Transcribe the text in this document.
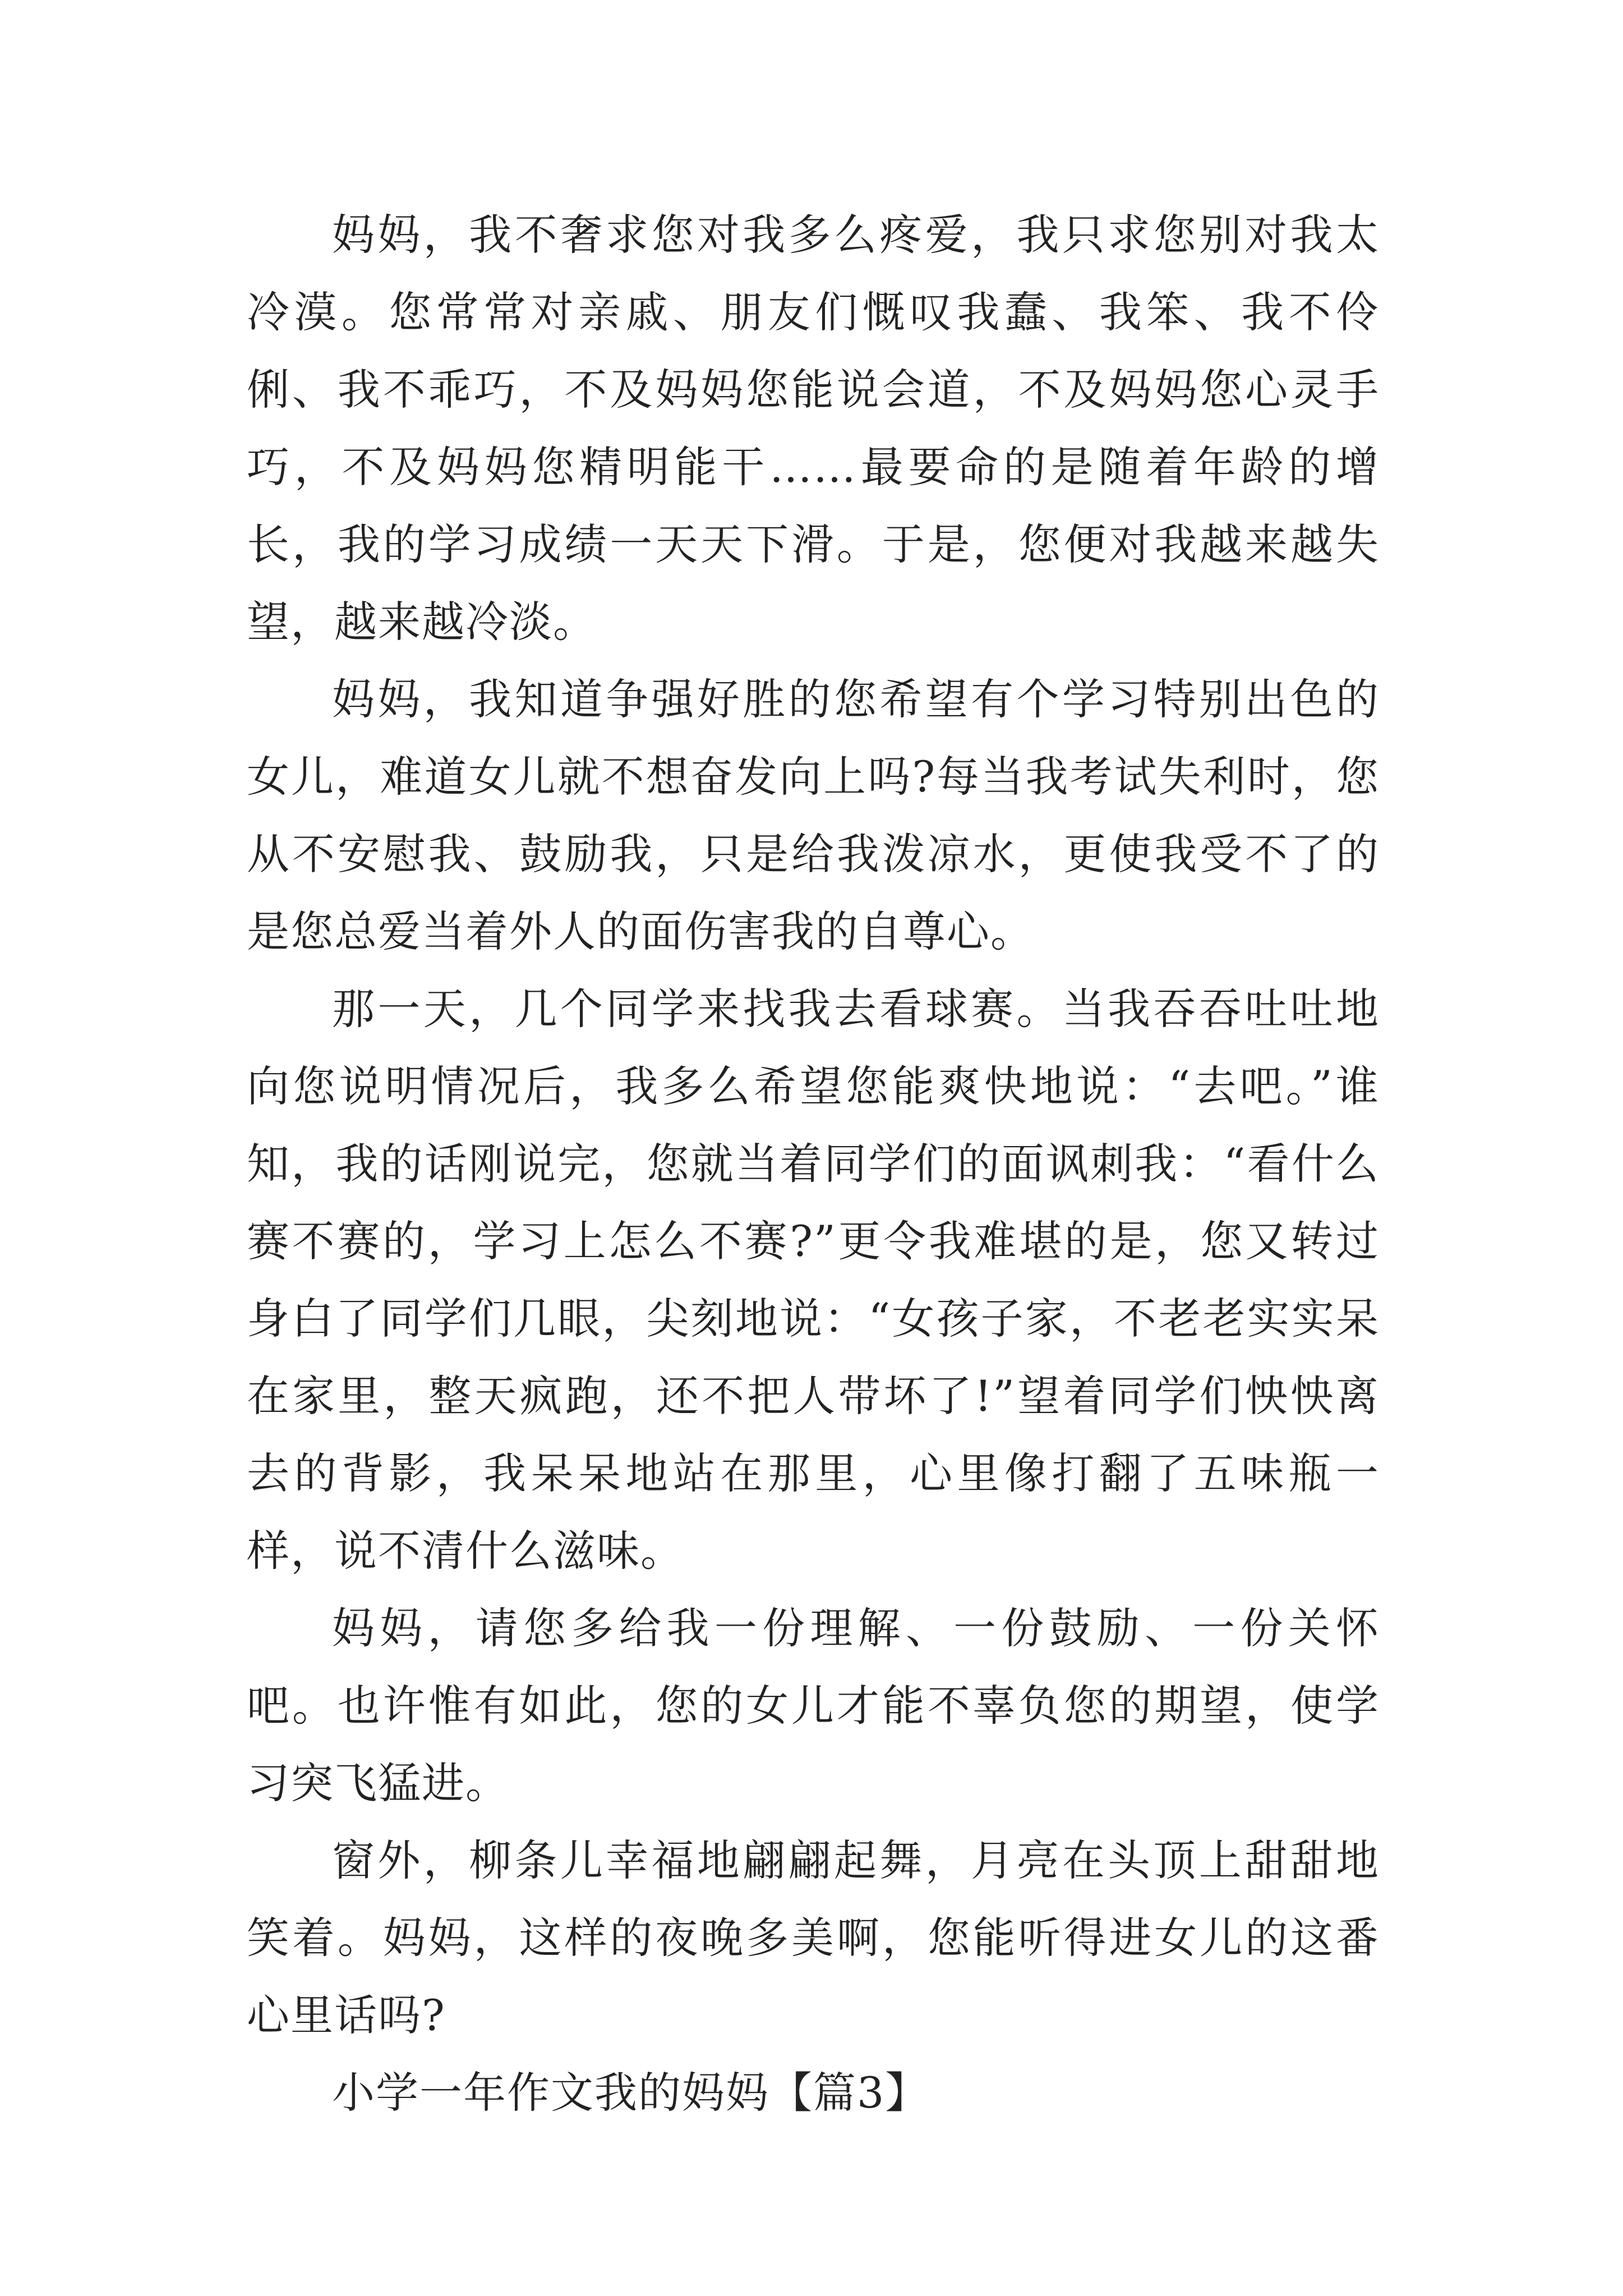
妈妈，我不奢求您对我多么疼爱，我只求您别对我太冷漠。您常常对亲戚、朋友们慨叹我蠢、我笨、我不伶俐、我不乖巧，不及妈妈您能说会道，不及妈妈您心灵手巧，不及妈妈您精明能干……最要命的是随着年龄的增长，我的学习成绩一天天下滑。于是，您便对我越来越失望，越来越冷淡。

妈妈，我知道争强好胜的您希望有个学习特别出色的女儿，难道女儿就不想奋发向上吗?每当我考试失利时，您从不安慰我、鼓励我，只是给我泼凉水，更使我受不了的是您总爱当着外人的面伤害我的自尊心。

那一天，几个同学来找我去看球赛。当我吞吞吐吐地向您说明情况后，我多么希望您能爽快地说：“去吧。”谁知，我的话刚说完，您就当着同学们的面讽刺我：“看什么赛不赛的，学习上怎么不赛?”更令我难堪的是，您又转过身白了同学们几眼，尖刻地说：“女孩子家，不老老实实呆在家里，整天疯跑，还不把人带坏了!”望着同学们怏怏离去的背影，我呆呆地站在那里，心里像打翻了五味瓶一样，说不清什么滋味。

妈妈，请您多给我一份理解、一份鼓励、一份关怀吧。也许惟有如此，您的女儿才能不辜负您的期望，使学习突飞猛进。

窗外，柳条儿幸福地翩翩起舞，月亮在头顶上甜甜地笑着。妈妈，这样的夜晚多美啊，您能听得进女儿的这番心里话吗?

小学一年作文我的妈妈【篇3】
